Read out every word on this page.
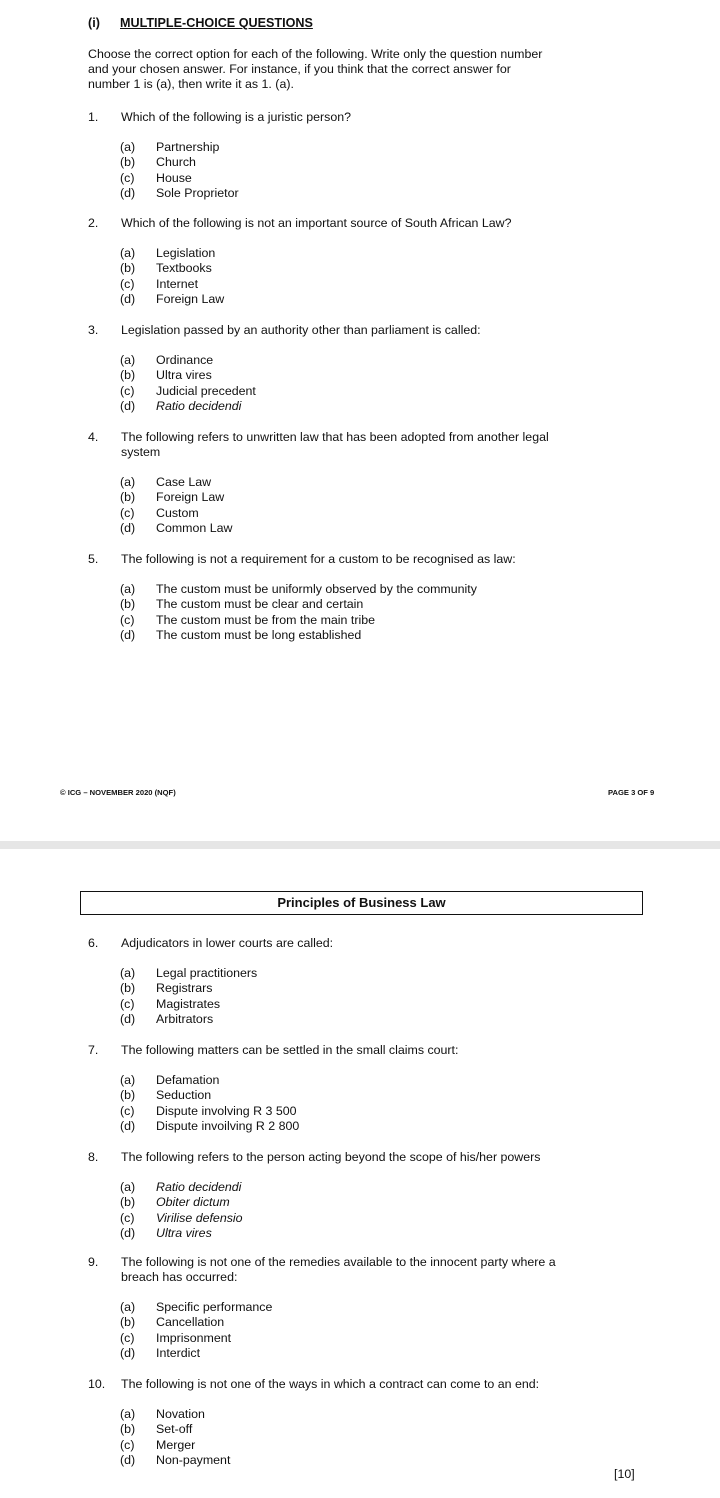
(i) MULTIPLE-CHOICE QUESTIONS
Choose the correct option for each of the following. Write only the question number and your chosen answer. For instance, if you think that the correct answer for number 1 is (a), then write it as 1. (a).
1. Which of the following is a juristic person?
(a) Partnership
(b) Church
(c) House
(d) Sole Proprietor
2. Which of the following is not an important source of South African Law?
(a) Legislation
(b) Textbooks
(c) Internet
(d) Foreign Law
3. Legislation passed by an authority other than parliament is called:
(a) Ordinance
(b) Ultra vires
(c) Judicial precedent
(d) Ratio decidendi
4. The following refers to unwritten law that has been adopted from another legal system
(a) Case Law
(b) Foreign Law
(c) Custom
(d) Common Law
5. The following is not a requirement for a custom to be recognised as law:
(a) The custom must be uniformly observed by the community
(b) The custom must be clear and certain
(c) The custom must be from the main tribe
(d) The custom must be long established
© ICG – NOVEMBER 2020 (NQF)	PAGE 3 OF 9
Principles of Business Law
6. Adjudicators in lower courts are called:
(a) Legal practitioners
(b) Registrars
(c) Magistrates
(d) Arbitrators
7. The following matters can be settled in the small claims court:
(a) Defamation
(b) Seduction
(c) Dispute involving R 3 500
(d) Dispute invoilving R 2 800
8. The following refers to the person acting beyond the scope of his/her powers
(a) Ratio decidendi
(b) Obiter dictum
(c) Virilise defensio
(d) Ultra vires
9. The following is not one of the remedies available to the innocent party where a breach has occurred:
(a) Specific performance
(b) Cancellation
(c) Imprisonment
(d) Interdict
10. The following is not one of the ways in which a contract can come to an end:
(a) Novation
(b) Set-off
(c) Merger
(d) Non-payment
[10]
